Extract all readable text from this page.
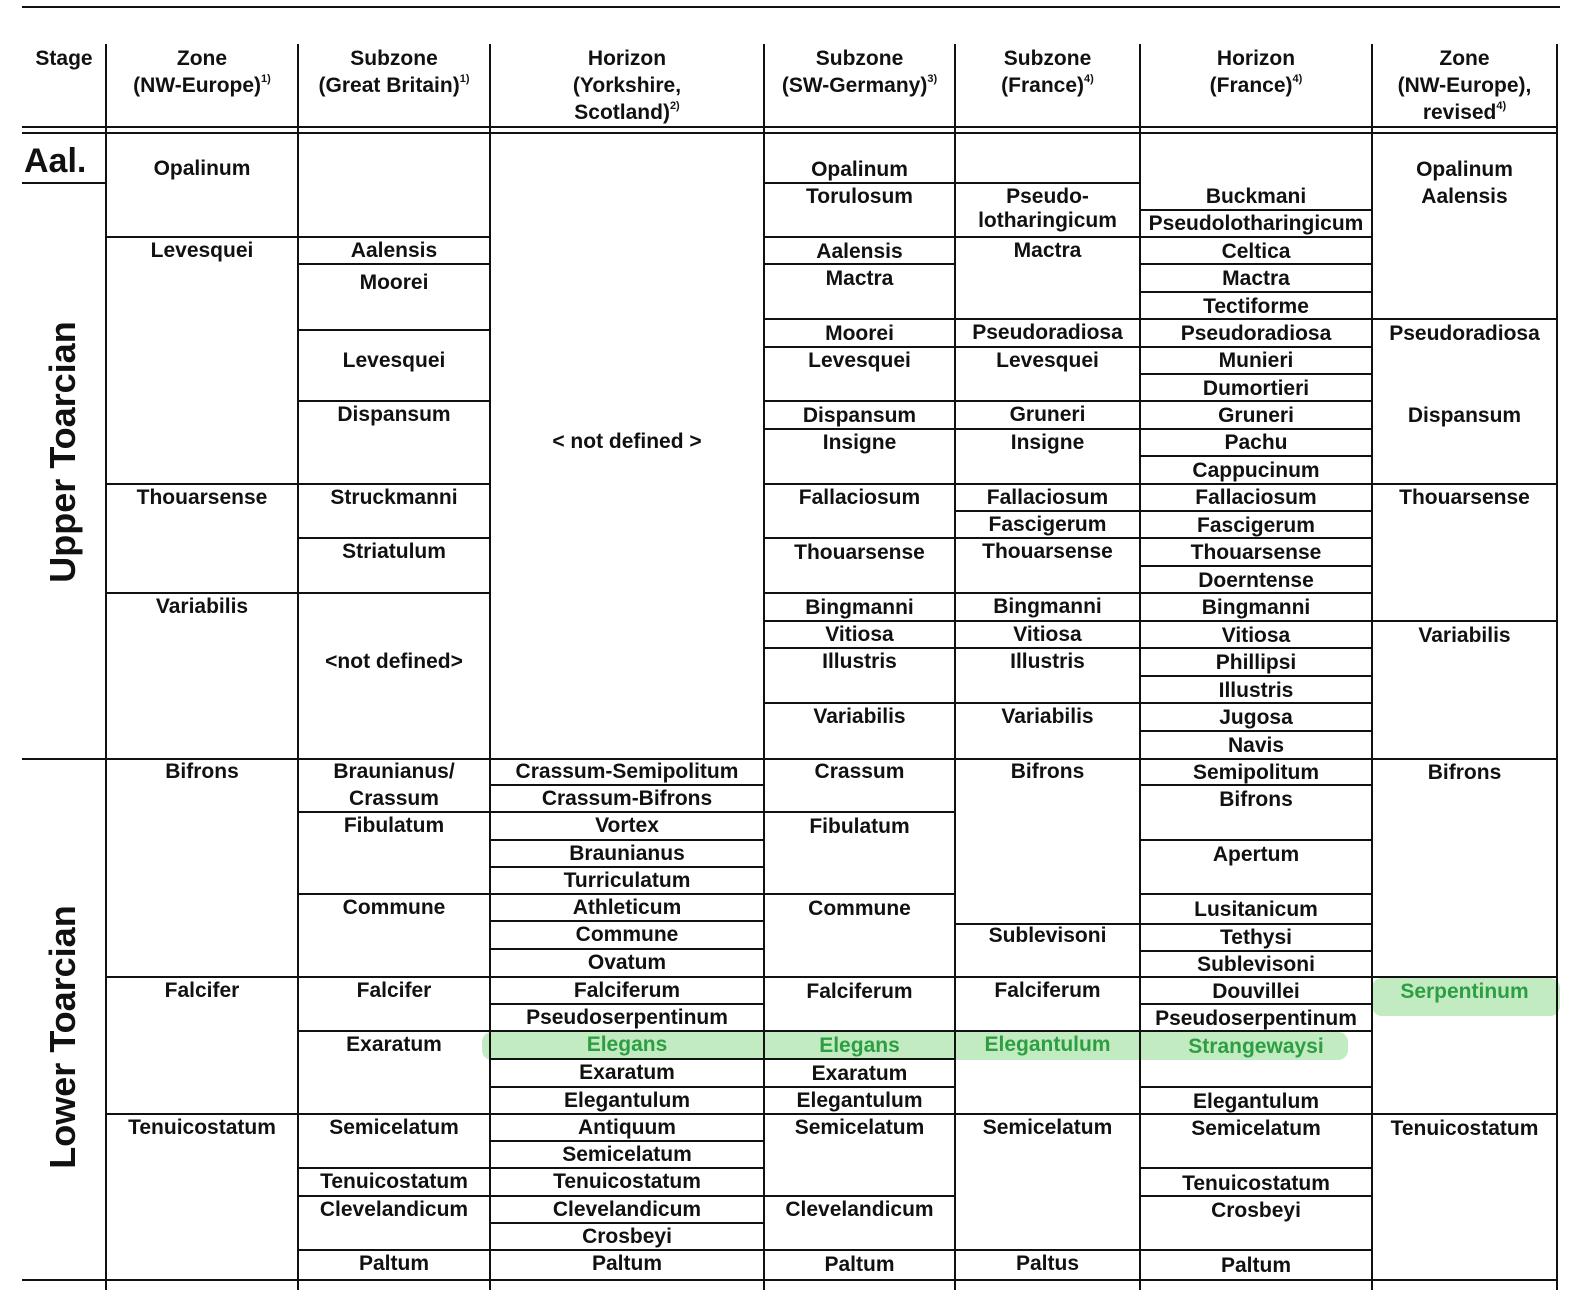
Stage	Zone
(NW-Europe)$^{1)}$
Subzone
(Great Britain)$^{1)}$
Horizon
(Yorkshire,
Scotland)$^{2)}$
Subzone
(SW-Germany)$^{3)}$
Subzone
(France)$^{4)}$
Horizon
(France)$^{4)}$
Zone
(NW-Europe),
revised$^{4)}$
Aal.
Upper Toarcian
Lower Toarcian
Opalinum
Levesquei
Thouarsense
Variabilis
Bifrons
Falcifer
Tenuicostatum
Aalensis
Moorei
Levesquei
Dispansum
Struckmanni
Striatulum
<not defined>
Braunianus/
Crassum
Fibulatum
Commune
Falcifer
Exaratum
Semicelatum
Tenuicostatum
Clevelandicum
Paltum
< not defined >
Crassum-Semipolitum
Crassum-Bifrons
Vortex
Braunianus
Turriculatum
Athleticum
Commune
Ovatum
Falciferum
Pseudoserpentinum
Elegans
Exaratum
Elegantulum
Antiquum
Semicelatum
Tenuicostatum
Clevelandicum
Crosbeyi
Paltum
Opalinum
Torulosum
Aalensis
Mactra
Moorei
Levesquei
Dispansum
Insigne
Fallaciosum
Thouarsense
Bingmanni
Vitiosa
Illustris
Variabilis
Crassum
Fibulatum
Commune
Falciferum
Elegans
Exaratum
Elegantulum
Semicelatum
Clevelandicum
Paltum
Pseudo-
lotharingicum
Mactra
Pseudoradiosa
Levesquei
Gruneri
Insigne
Fallaciosum
Fascigerum
Thouarsense
Bingmanni
Vitiosa
Illustris
Variabilis
Bifrons
Sublevisoni
Falciferum
Elegantulum
Semicelatum
Paltus
Buckmani
Pseudolotharingicum
Celtica
Mactra
Tectiforme
Pseudoradiosa
Munieri
Dumortieri
Gruneri
Pachu
Cappucinum
Fallaciosum
Fascigerum
Thouarsense
Doerntense
Bingmanni
Vitiosa
Phillipsi
Illustris
Jugosa
Navis
Semipolitum
Bifrons
Apertum
Lusitanicum
Tethysi
Sublevisoni
Douvillei
Pseudoserpentinum
Strangewaysi
Elegantulum
Semicelatum
Tenuicostatum
Crosbeyi
Paltum
Opalinum
Aalensis
Pseudoradiosa
Dispansum
Thouarsense
Variabilis
Bifrons
Serpentinum
Tenuicostatum
